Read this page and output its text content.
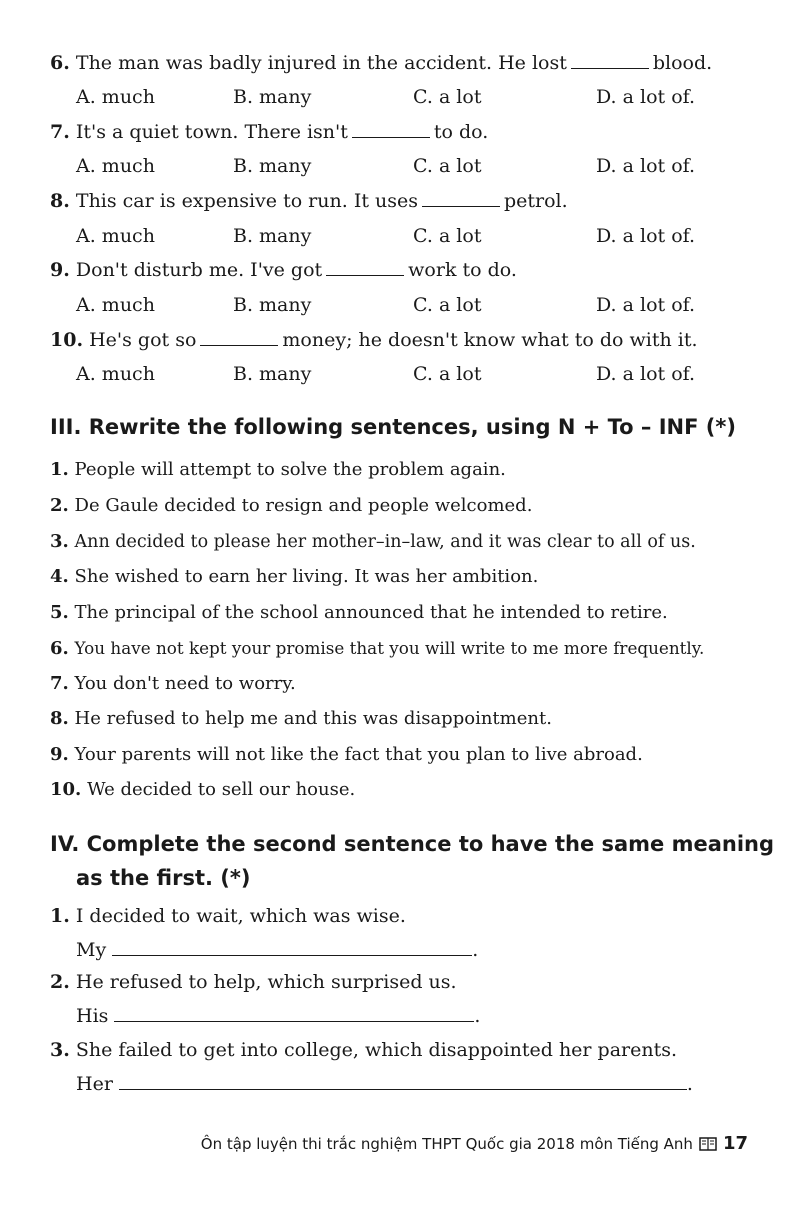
6. The man was badly injured in the accident. He lost	blood.
A. much	B. many	C. a lot	D. a lot of.
7. It's a quiet town. There isn't	to do.
A. much	B. many	C. a lot	D. a lot of.
8. This car is expensive to run. It uses	petrol.
A. much	B. many	C. a lot	D. a lot of.
9. Don't disturb me. I've got	work to do.
A. much	B. many	C. a lot	D. a lot of.
10. He's got so	money; he doesn't know what to do with it.
A. much	B. many	C. a lot	D. a lot of.
III. Rewrite the following sentences, using N + To – INF (*)
1. People will attempt to solve the problem again.
2. De Gaule decided to resign and people welcomed.
3. Ann decided to please her mother–in–law, and it was clear to all of us.
4. She wished to earn her living. It was her ambition.
5. The principal of the school announced that he intended to retire.
6. You have not kept your promise that you will write to me more frequently.
7. You don't need to worry.
8. He refused to help me and this was disappointment.
9. Your parents will not like the fact that you plan to live abroad.
10. We decided to sell our house.
IV. Complete the second sentence to have the same meaning
as the first. (*)
1. I decided to wait, which was wise.
My	.
2. He refused to help, which surprised us.
His	.
3. She failed to get into college, which disappointed her parents.
Her	.
Ôn tập luyện thi trắc nghiệm THPT Quốc gia 2018 môn Tiếng Anh 17
